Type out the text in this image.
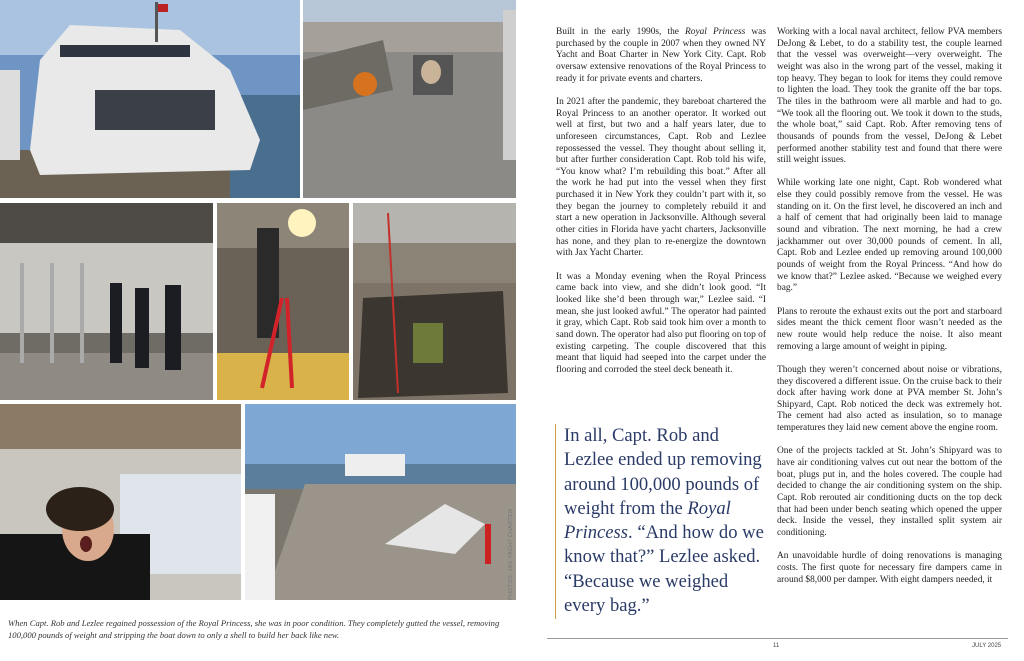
When Capt. Rob and Lezlee regained possession of the Royal Princess, she was in poor condition. They completely gutted the vessel, removing 100,000 pounds of weight and stripping the boat down to only a shell to build her back like new.
PHOTOS: JAX YACHT CHARTER

Built in the early 1990s, the Royal Princess was purchased by the couple in 2007 when they owned NY Yacht and Boat Charter in New York City. Capt. Rob oversaw extensive renovations of the Royal Princess to ready it for private events and charters.

In 2021 after the pandemic, they bareboat chartered the Royal Princess to an another operator. It worked out well at first, but two and a half years later, due to unforeseen circumstances, Capt. Rob and Lezlee repossessed the vessel. They thought about selling it, but after further consideration Capt. Rob told his wife, “You know what? I’m rebuilding this boat.” After all the work he had put into the vessel when they first purchased it in New York they couldn’t part with it, so they began the journey to completely rebuild it and start a new operation in Jacksonville. Although several other cities in Florida have yacht charters, Jacksonville has none, and they plan to re-energize the downtown with Jax Yacht Charter.

It was a Monday evening when the Royal Princess came back into view, and she didn’t look good. “It looked like she’d been through war,” Lezlee said. “I mean, she just looked awful.” The operator had painted it gray, which Capt. Rob said took him over a month to sand down. The operator had also put flooring on top of existing carpeting. The couple discovered that this meant that liquid had seeped into the carpet under the flooring and corroded the steel deck beneath it.

In all, Capt. Rob and Lezlee ended up removing around 100,000 pounds of weight from the Royal Princess. “And how do we know that?” Lezlee asked. “Because we weighed every bag.”

Working with a local naval architect, fellow PVA members DeJong & Lebet, to do a stability test, the couple learned that the vessel was overweight—very overweight. The weight was also in the wrong part of the vessel, making it top heavy. They began to look for items they could remove to lighten the load. They took the granite off the bar tops. The tiles in the bathroom were all marble and had to go. “We took all the flooring out. We took it down to the studs, the whole boat,” said Capt. Rob. After removing tens of thousands of pounds from the vessel, DeJong & Lebet performed another stability test and found that there were still weight issues.

While working late one night, Capt. Rob wondered what else they could possibly remove from the vessel. He was standing on it. On the first level, he discovered an inch and a half of cement that had originally been laid to manage sound and vibration. The next morning, he had a crew jackhammer out over 30,000 pounds of cement. In all, Capt. Rob and Lezlee ended up removing around 100,000 pounds of weight from the Royal Princess. “And how do we know that?” Lezlee asked. “Because we weighed every bag.”

Plans to reroute the exhaust exits out the port and starboard sides meant the thick cement floor wasn’t needed as the new route would help reduce the noise. It also meant removing a large amount of weight in piping.

Though they weren’t concerned about noise or vibrations, they discovered a different issue. On the cruise back to their dock after having work done at PVA member St. John’s Shipyard, Capt. Rob noticed the deck was extremely hot. The cement had also acted as insulation, so to manage temperatures they laid new cement above the engine room.

One of the projects tackled at St. John’s Shipyard was to have air conditioning valves cut out near the bottom of the boat, plugs put in, and the holes covered. The couple had decided to change the air conditioning system on the ship. Capt. Rob rerouted air conditioning ducts on the top deck that had been under bench seating which opened the upper deck. Inside the vessel, they installed split system air conditioning.

An unavoidable hurdle of doing renovations is managing costs. The first quote for necessary fire dampers came in around $8,000 per damper. With eight dampers needed, it

11	JULY 2025
